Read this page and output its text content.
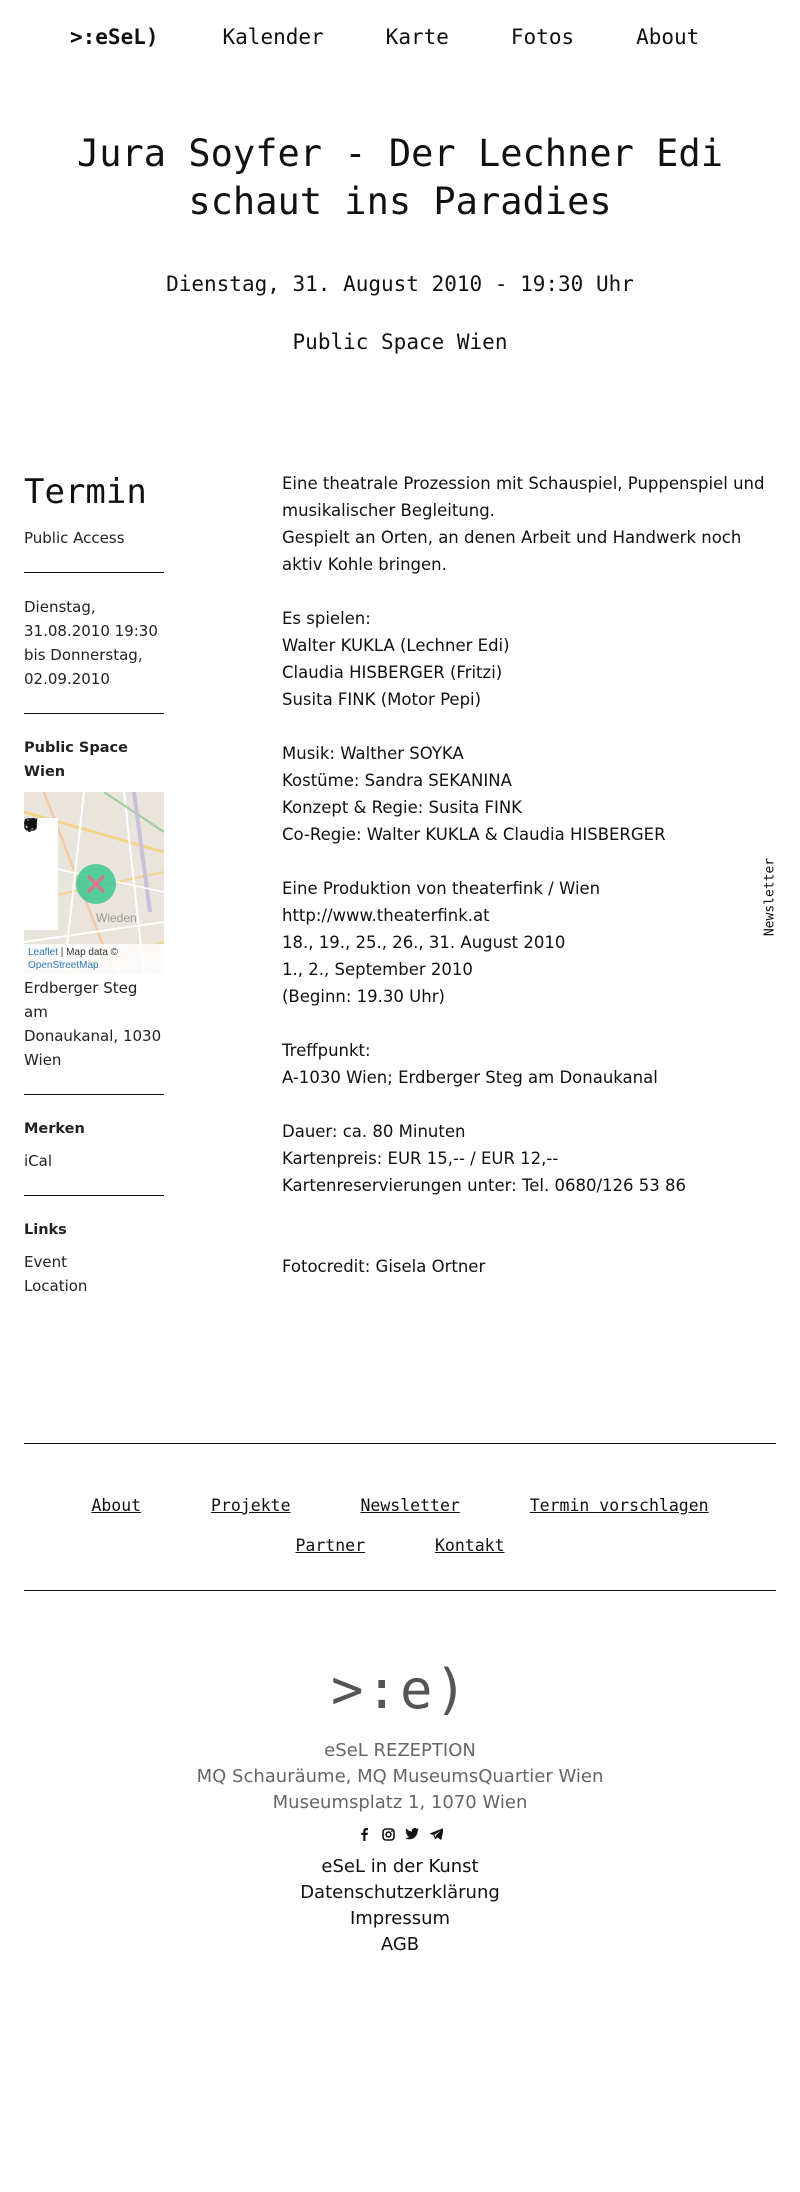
>:eSeL)	Kalender	Karte	Fotos	About
Jura Soyfer - Der Lechner Edi schaut ins Paradies
Dienstag, 31. August 2010 - 19:30 Uhr
Public Space Wien
Termin
Public Access
Dienstag,
31.08.2010 19:30
bis Donnerstag,
02.09.2010
Public Space
Wien
Wieden
Leaflet | Map data ©
OpenStreetMap
Erdberger Steg am
Donaukanal, 1030
Wien
Merken
iCal
Links
Event
Location

Eine theatrale Prozession mit Schauspiel, Puppenspiel und

musikalischer Begleitung.

Gespielt an Orten, an denen Arbeit und Handwerk noch

aktiv Kohle bringen.

Es spielen:

Walter KUKLA (Lechner Edi)

Claudia HISBERGER (Fritzi)

Susita FINK (Motor Pepi)

Musik: Walther SOYKA

Kostüme: Sandra SEKANINA

Konzept & Regie: Susita FINK

Co-Regie: Walter KUKLA & Claudia HISBERGER

Eine Produktion von theaterfink / Wien

http://www.theaterfink.at

18., 19., 25., 26., 31. August 2010

1., 2., September 2010

(Beginn: 19.30 Uhr)

Treffpunkt:

A-1030 Wien; Erdberger Steg am Donaukanal

Dauer: ca. 80 Minuten

Kartenpreis: EUR 15,-- / EUR 12,--

Kartenreservierungen unter: Tel. 0680/126 53 86

Fotocredit: Gisela Ortner

Newsletter
About	Projekte	Newsletter	Termin vorschlagen
Partner	Kontakt
>:e)
eSeL REZEPTION
MQ Schauräume, MQ MuseumsQuartier Wien
Museumsplatz 1, 1070 Wien
eSeL in der Kunst
Datenschutzerklärung
Impressum
AGB
